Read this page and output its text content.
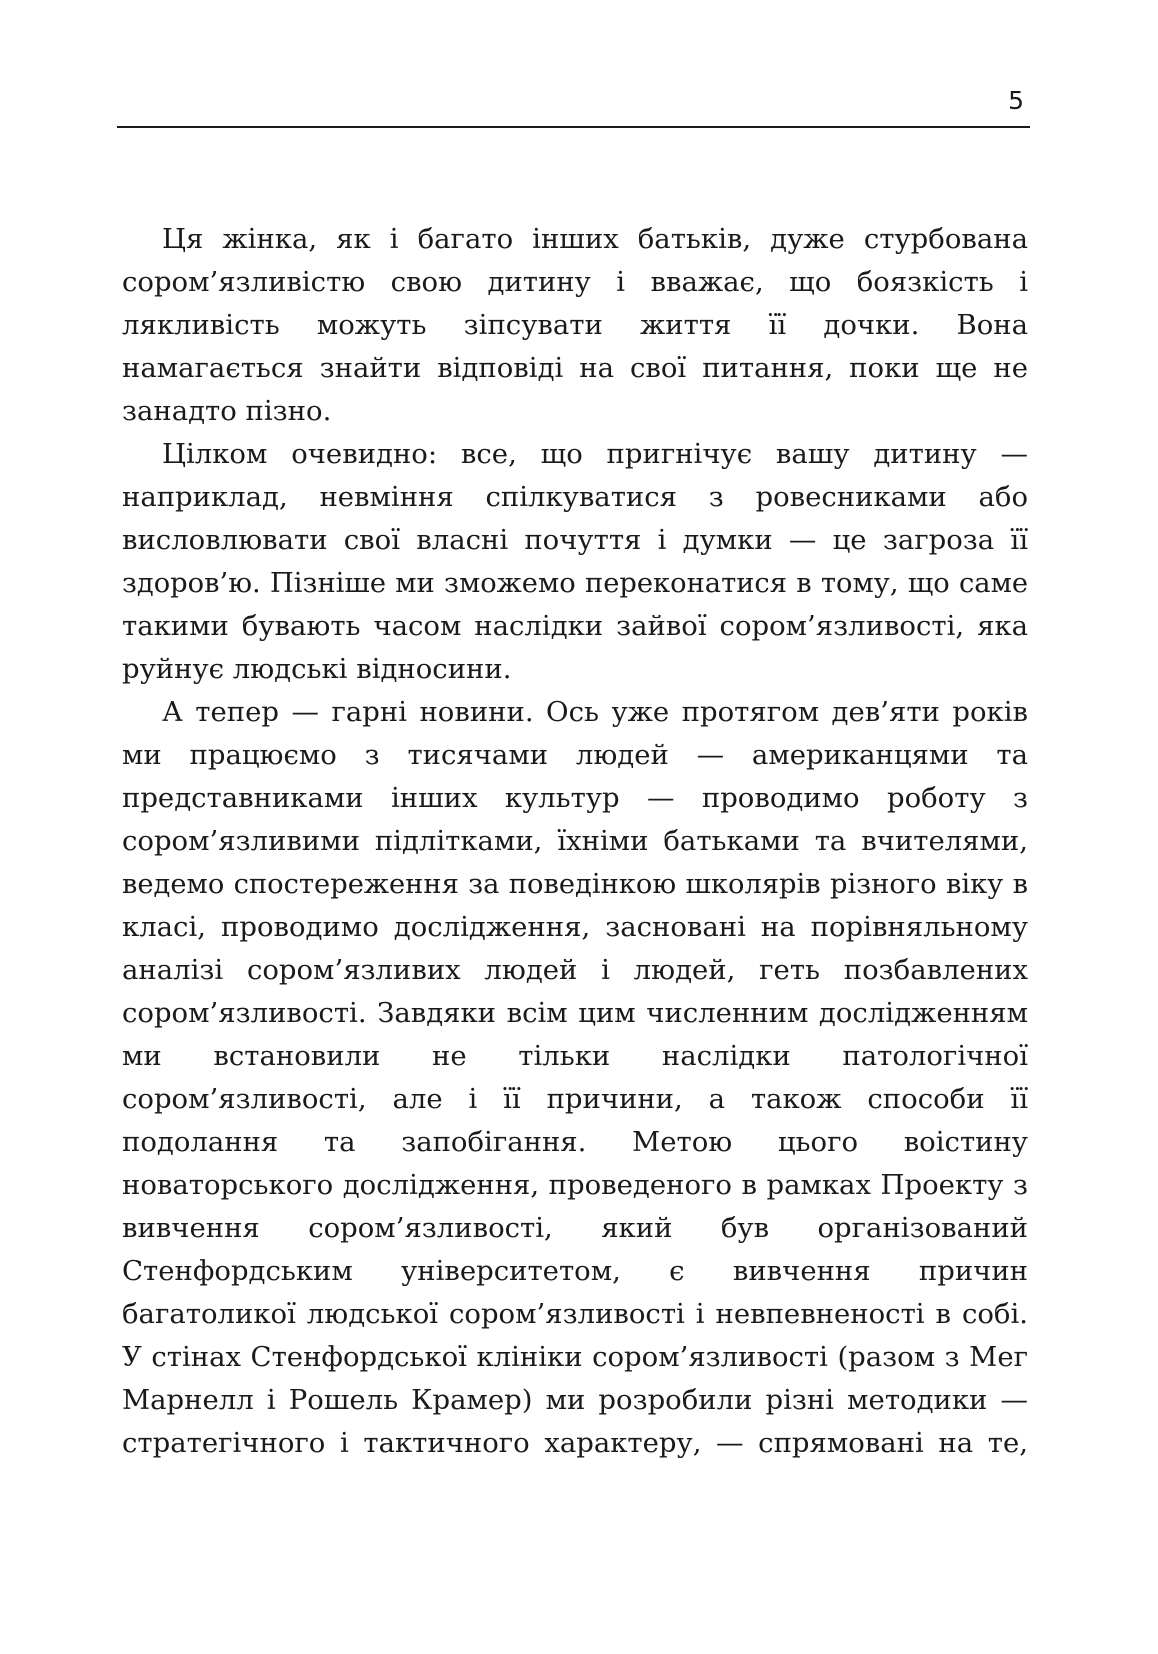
5

Ця жінка, як і багато інших батьків, дуже стурбована
сором’язливістю свою дитину і вважає, що боязкість і
лякливість можуть зіпсувати життя її дочки. Вона
намагається знайти відповіді на свої питання, поки ще не
занадто пізно.

Цілком очевидно: все, що пригнічує вашу дитину —
наприклад, невміння спілкуватися з ровесниками або
висловлювати свої власні почуття і думки — це загроза її
здоров’ю. Пізніше ми зможемо переконатися в тому, що саме
такими бувають часом наслідки зайвої сором’язливості, яка
руйнує людські відносини.

А тепер — гарні новини. Ось уже протягом дев’яти років
ми працюємо з тисячами людей — американцями та
представниками інших культур — проводимо роботу з
сором’язливими підлітками, їхніми батьками та вчителями,
ведемо спостереження за поведінкою школярів різного віку в
класі, проводимо дослідження, засновані на порівняльному
аналізі сором’язливих людей і людей, геть позбавлених
сором’язливості. Завдяки всім цим численним дослідженням
ми встановили не тільки наслідки патологічної
сором’язливості, але і її причини, а також способи її
подолання та запобігання. Метою цього воістину
новаторського дослідження, проведеного в рамках Проекту з
вивчення сором’язливості, який був організований
Стенфордським університетом, є вивчення причин
багатоликої людської сором’язливості і невпевненості в собі.
У стінах Стенфордської клініки сором’язливості (разом з Мег
Марнелл і Рошель Крамер) ми розробили різні методики —
стратегічного і тактичного характеру, — спрямовані на те,
